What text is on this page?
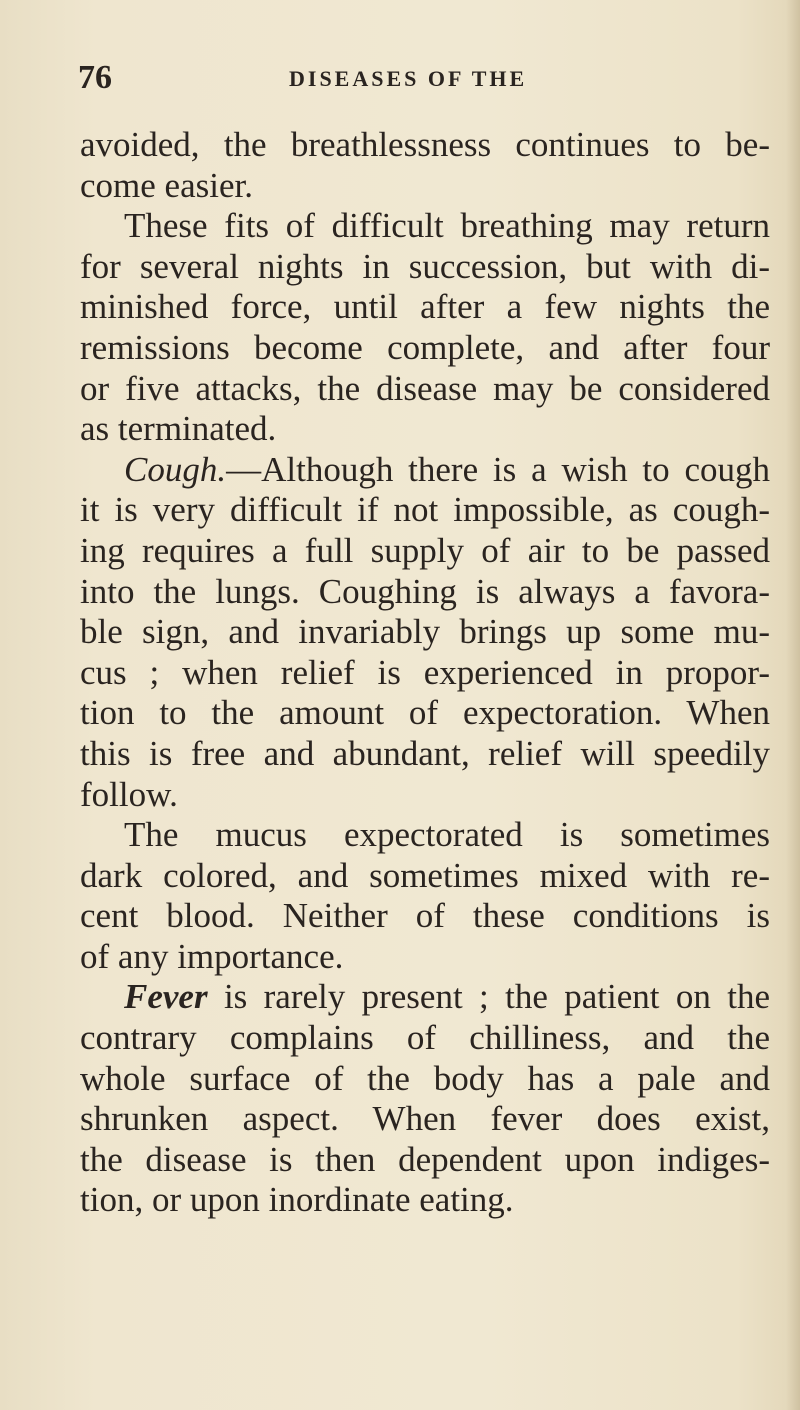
76	DISEASES OF THE
avoided, the breathlessness continues to be-
come easier.
These fits of difficult breathing may return
for several nights in succession, but with di-
minished force, until after a few nights the
remissions become complete, and after four
or five attacks, the disease may be considered
as terminated.
Cough.—Although there is a wish to cough
it is very difficult if not impossible, as cough-
ing requires a full supply of air to be passed
into the lungs. Coughing is always a favora-
ble sign, and invariably brings up some mu-
cus ; when relief is experienced in propor-
tion to the amount of expectoration. When
this is free and abundant, relief will speedily
follow.
The mucus expectorated is sometimes
dark colored, and sometimes mixed with re-
cent blood. Neither of these conditions is
of any importance.
Fever is rarely present ; the patient on the
contrary complains of chilliness, and the
whole surface of the body has a pale and
shrunken aspect. When fever does exist,
the disease is then dependent upon indiges-
tion, or upon inordinate eating.
